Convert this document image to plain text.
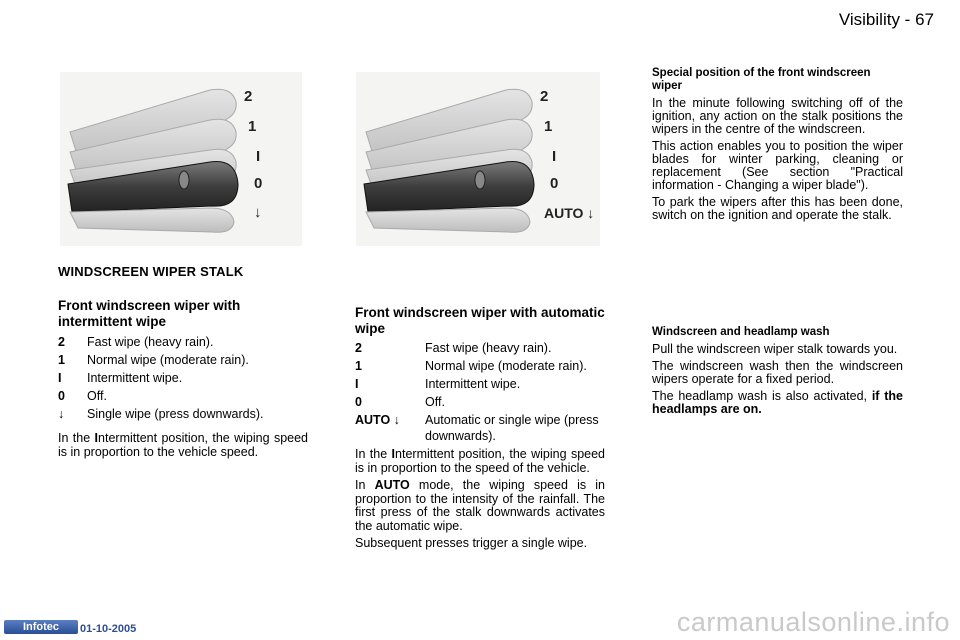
Visibility - 67
2
1
I
0
↓
2
1
I
0
AUTO ↓
WINDSCREEN WIPER STALK
Front windscreen wiper with intermittent wipe
2	Fast wipe (heavy rain).
1	Normal wipe (moderate rain).
I	Intermittent wipe.
0	Off.
↓	Single wipe (press downwards).

In the Intermittent position, the wiping speed is in proportion to the vehicle speed.

Front windscreen wiper with automatic wipe
2	Fast wipe (heavy rain).
1	Normal wipe (moderate rain).
I	Intermittent wipe.
0	Off.
AUTO ↓	Automatic or single wipe (press downwards).

In the Intermittent position, the wiping speed is in proportion to the speed of the vehicle.

In AUTO mode, the wiping speed is in proportion to the intensity of the rainfall. The first press of the stalk downwards activates the automatic wipe.

Subsequent presses trigger a single wipe.

Special position of the front windscreen wiper

In the minute following switching off of the ignition, any action on the stalk positions the wipers in the centre of the windscreen.

This action enables you to position the wiper blades for winter parking, cleaning or replacement (See section "Practical information - Changing a wiper blade").

To park the wipers after this has been done, switch on the ignition and operate the stalk.

Windscreen and headlamp wash

Pull the windscreen wiper stalk towards you.

The windscreen wash then the windscreen wipers operate for a fixed period.

The headlamp wash is also activated, if the headlamps are on.

Infotec	01-10-2005	carmanualsonline.info
